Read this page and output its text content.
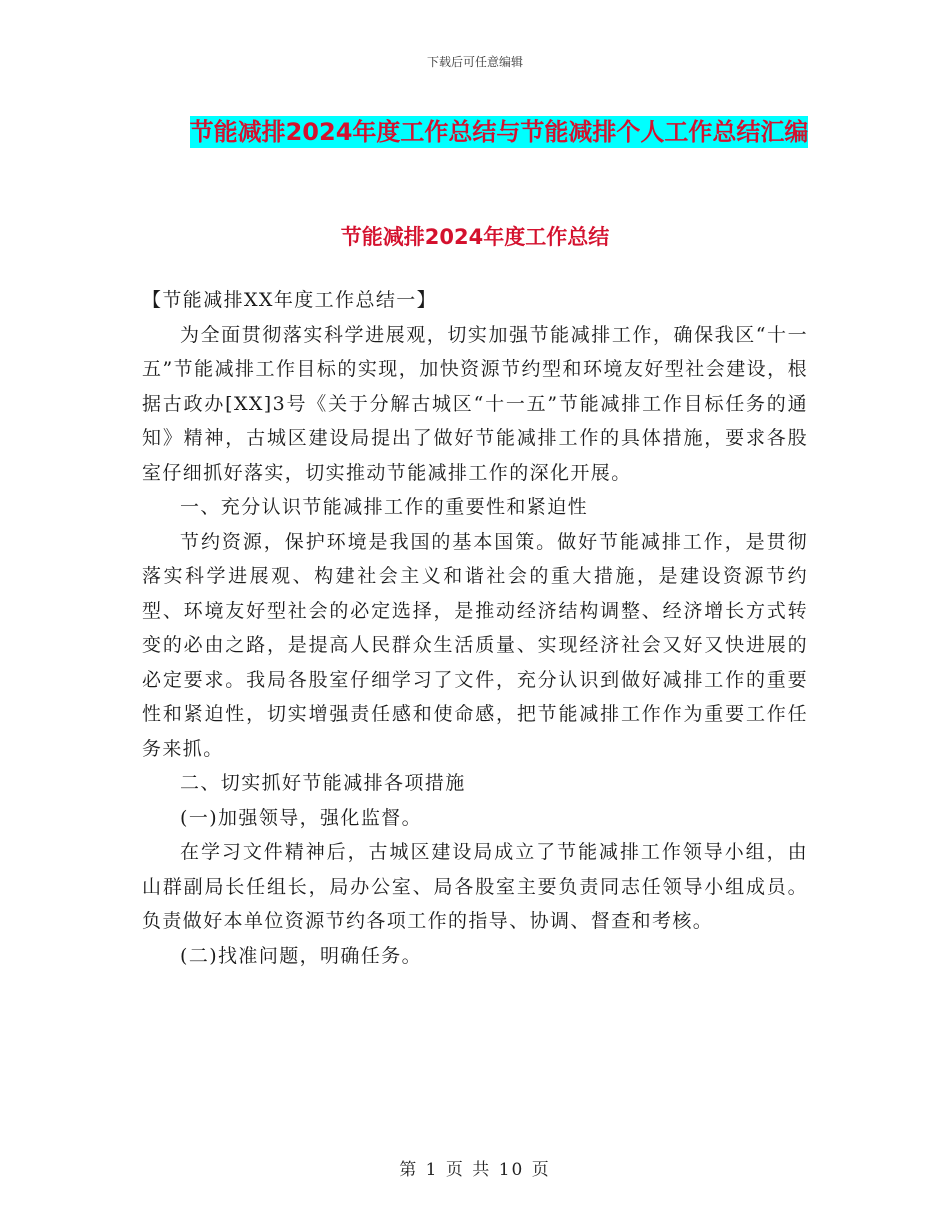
下载后可任意编辑
节能减排2024年度工作总结与节能减排个人工作总结汇编
节能减排2024年度工作总结

【节能减排XX年度工作总结一】

为全面贯彻落实科学进展观，切实加强节能减排工作，确保我区“十一五”节能减排工作目标的实现，加快资源节约型和环境友好型社会建设，根据古政办[XX]3号《关于分解古城区“十一五”节能减排工作目标任务的通知》精神，古城区建设局提出了做好节能减排工作的具体措施，要求各股室仔细抓好落实，切实推动节能减排工作的深化开展。

一、充分认识节能减排工作的重要性和紧迫性

节约资源，保护环境是我国的基本国策。做好节能减排工作，是贯彻落实科学进展观、构建社会主义和谐社会的重大措施，是建设资源节约型、环境友好型社会的必定选择，是推动经济结构调整、经济增长方式转变的必由之路，是提高人民群众生活质量、实现经济社会又好又快进展的必定要求。我局各股室仔细学习了文件，充分认识到做好减排工作的重要性和紧迫性，切实增强责任感和使命感，把节能减排工作作为重要工作任务来抓。

二、切实抓好节能减排各项措施

(一)加强领导，强化监督。

在学习文件精神后，古城区建设局成立了节能减排工作领导小组，由山群副局长任组长，局办公室、局各股室主要负责同志任领导小组成员。负责做好本单位资源节约各项工作的指导、协调、督查和考核。

(二)找准问题，明确任务。

第 1 页 共 10 页
